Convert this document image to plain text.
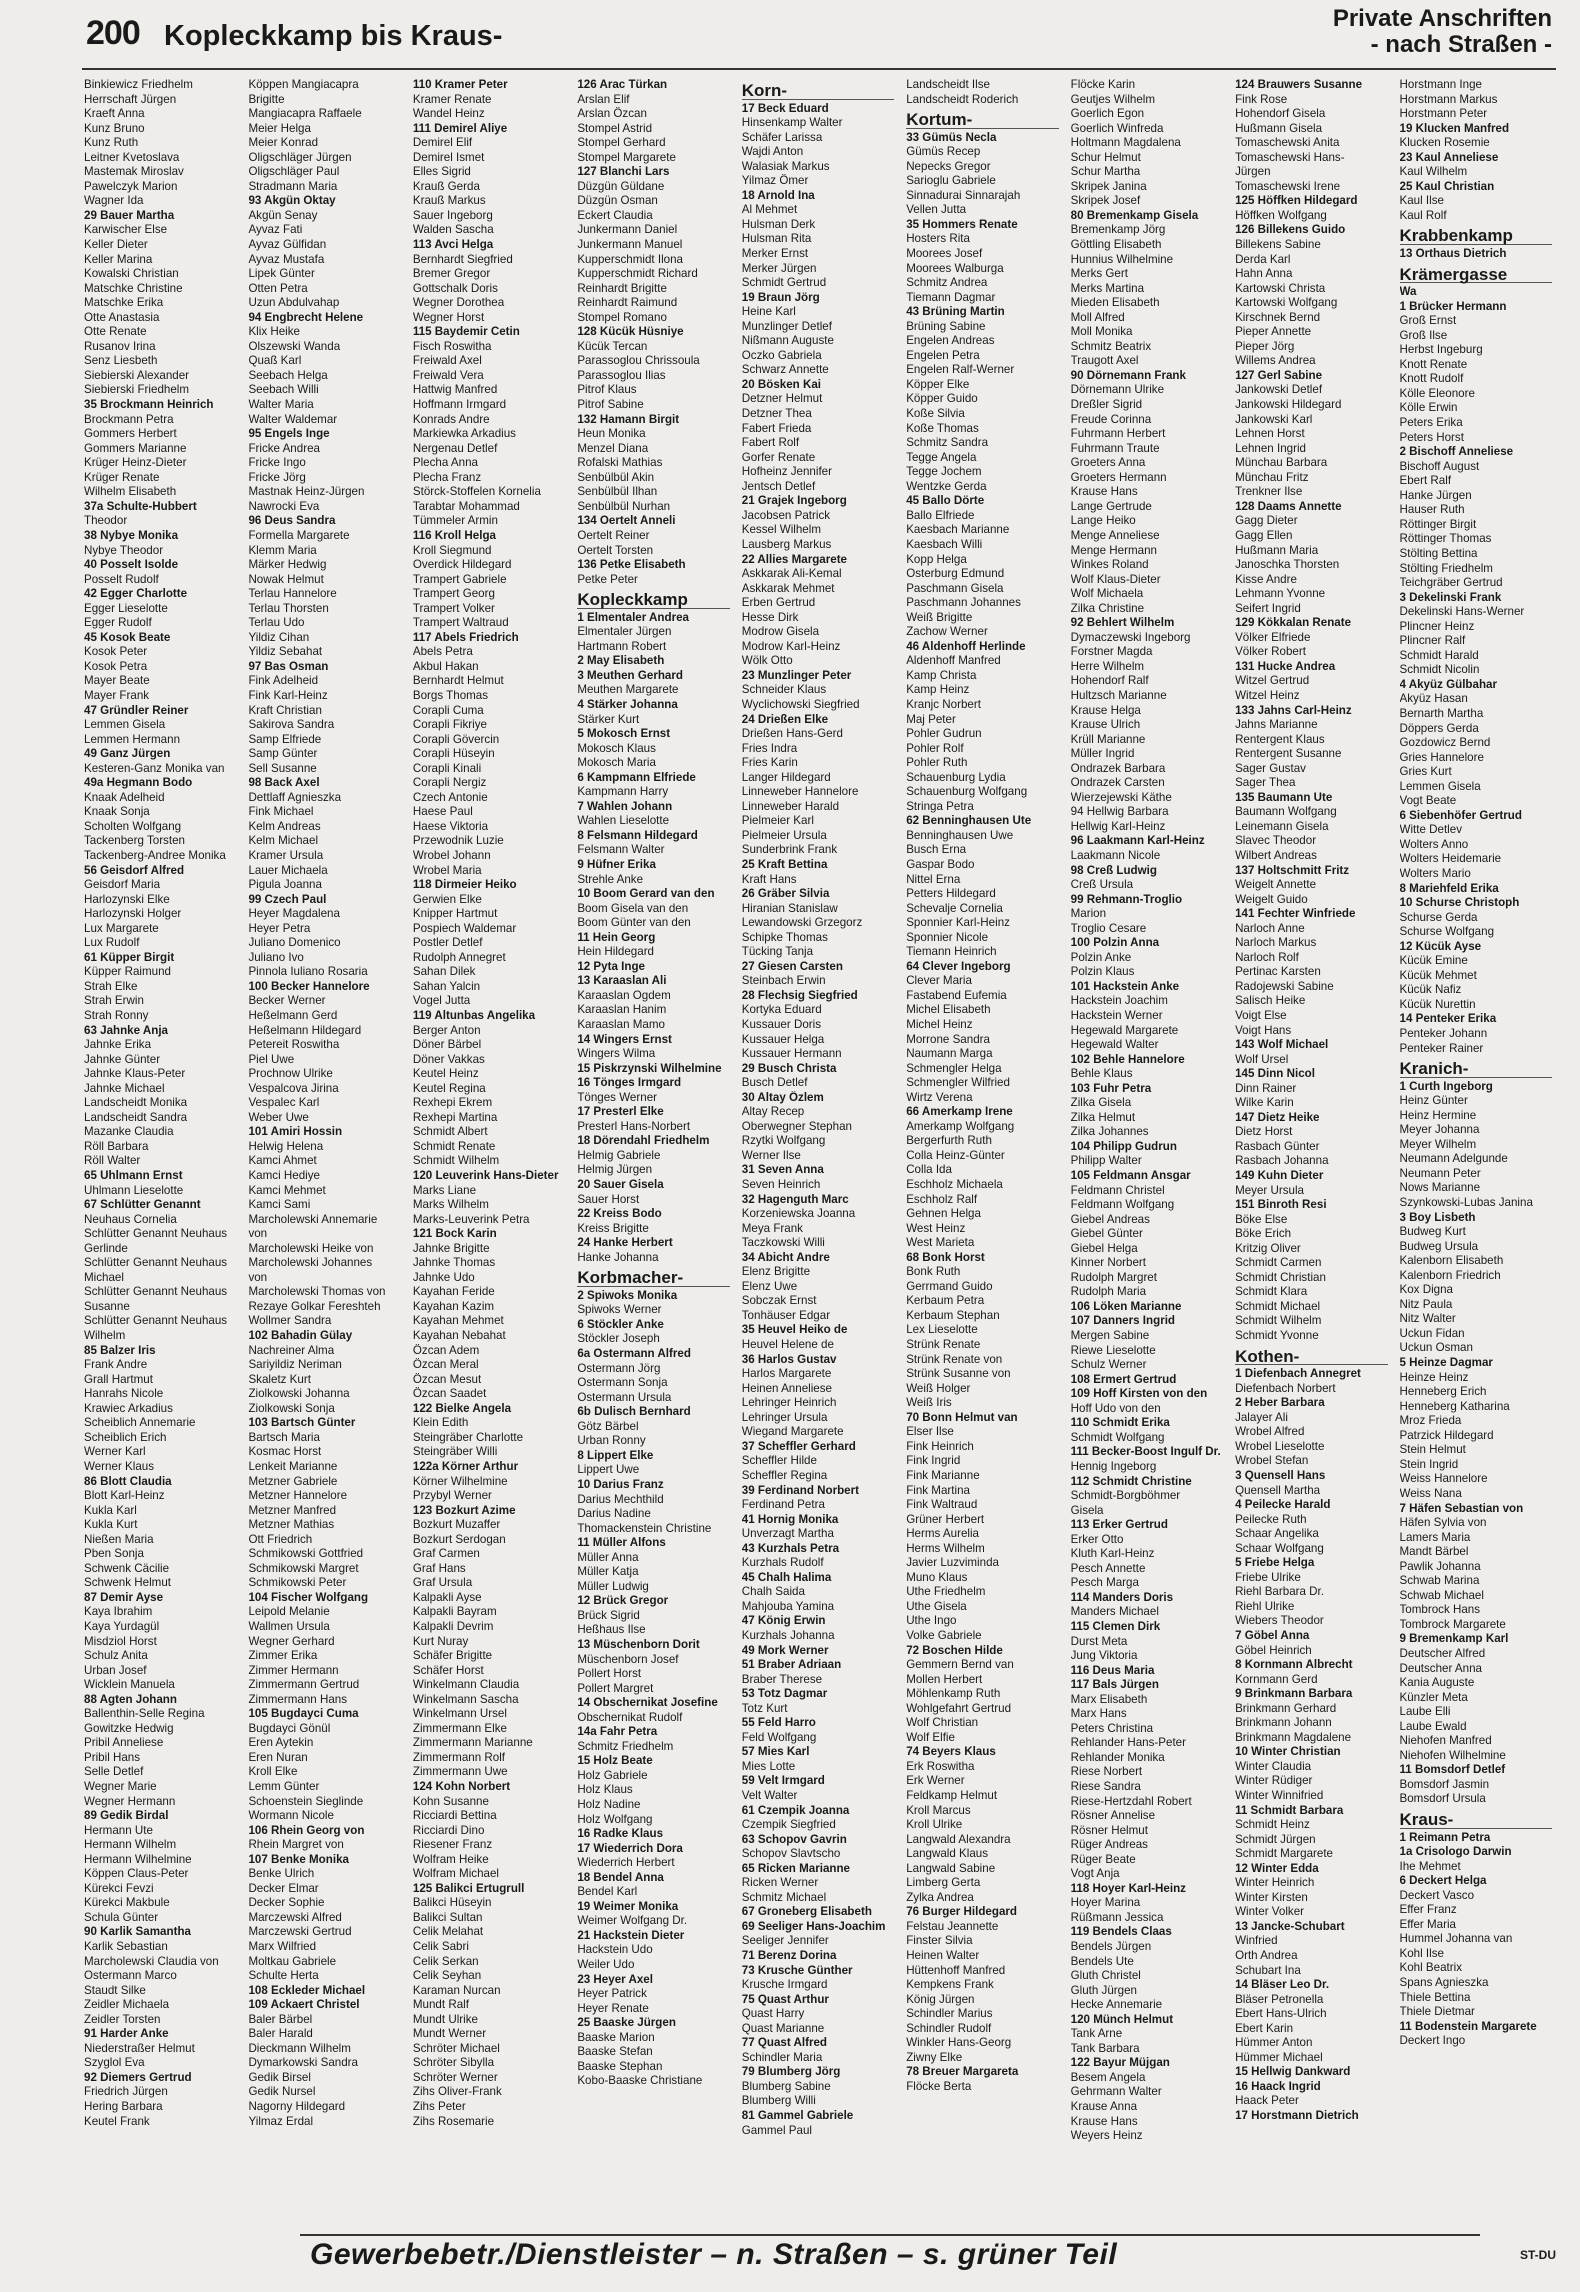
200 Kopleckkamp bis Kraus-
Private Anschriften
- nach Straßen -
Binkiewicz Friedhelm
Herrschaft Jürgen
Kraeft Anna
Kunz Bruno
Kunz Ruth
Leitner Kvetoslava
Mastemak Miroslav
Pawelczyk Marion
Wagner Ida
29 Bauer Martha
Karwischer Else
Keller Dieter
Keller Marina
Kowalski Christian
Matschke Christine
Matschke Erika
Otte Anastasia
Otte Renate
Rusanov Irina
Senz Liesbeth
Siebierski Alexander
Siebierski Friedhelm
35 Brockmann Heinrich
Brockmann Petra
Gommers Herbert
Gommers Marianne
Krüger Heinz-Dieter
Krüger Renate
Wilhelm Elisabeth
37a Schulte-Hubbert
Theodor
38 Nybye Monika
Nybye Theodor
40 Posselt Isolde
Posselt Rudolf
42 Egger Charlotte
Egger Lieselotte
Egger Rudolf
45 Kosok Beate
Kosok Peter
Kosok Petra
Mayer Beate
Mayer Frank
47 Gründler Reiner
Lemmen Gisela
Lemmen Hermann
49 Ganz Jürgen
Kesteren-Ganz Monika van
49a Hegmann Bodo
Knaak Adelheid
Knaak Sonja
Scholten Wolfgang
Tackenberg Torsten
Tackenberg-Andree Monika
56 Geisdorf Alfred
Geisdorf Maria
Harlozynski Elke
Harlozynski Holger
Lux Margarete
Lux Rudolf
61 Küpper Birgit
Küpper Raimund
Strah Elke
Strah Erwin
Strah Ronny
63 Jahnke Anja
Jahnke Erika
Jahnke Günter
Jahnke Klaus-Peter
Jahnke Michael
Landscheidt Monika
Landscheidt Sandra
Mazanke Claudia
Röll Barbara
Röll Walter
65 Uhlmann Ernst
Uhlmann Lieselotte
67 Schlütter Genannt
Neuhaus Cornelia
Schlütter Genannt Neuhaus
Gerlinde
Schlütter Genannt Neuhaus
Michael
Schlütter Genannt Neuhaus
Susanne
Schlütter Genannt Neuhaus
Wilhelm
85 Balzer Iris
Frank Andre
Grall Hartmut
Hanrahs Nicole
Krawiec Arkadius
Scheiblich Annemarie
Scheiblich Erich
Werner Karl
Werner Klaus
86 Blott Claudia
Blott Karl-Heinz
Kukla Karl
Kukla Kurt
Nießen Maria
Pben Sonja
Schwenk Cäcilie
Schwenk Helmut
87 Demir Ayse
Kaya Ibrahim
Kaya Yurdagül
Misdziol Horst
Schulz Anita
Urban Josef
Wicklein Manuela
88 Agten Johann
Ballenthin-Selle Regina
Gowitzke Hedwig
Pribil Anneliese
Pribil Hans
Selle Detlef
Wegner Marie
Wegner Hermann
89 Gedik Birdal
Hermann Ute
Hermann Wilhelm
Hermann Wilhelmine
Köppen Claus-Peter
Kürekci Fevzi
Kürekci Makbule
Schula Günter
90 Karlik Samantha
Karlik Sebastian
Marcholewski Claudia von
Ostermann Marco
Staudt Silke
Zeidler Michaela
Zeidler Torsten
91 Harder Anke
Niederstraßer Helmut
Szyglol Eva
92 Diemers Gertrud
Friedrich Jürgen
Hering Barbara
Keutel Frank
Köppen Mangiacapra
Brigitte
Mangiacapra Raffaele
Meier Helga
Meier Konrad
Oligschläger Jürgen
Oligschläger Paul
Stradmann Maria
93 Akgün Oktay
Akgün Senay
Ayvaz Fati
Ayvaz Gülfidan
Ayvaz Mustafa
Lipek Günter
Otten Petra
Uzun Abdulvahap
94 Engbrecht Helene
Klix Heike
Olszewski Wanda
Quaß Karl
Seebach Helga
Seebach Willi
Walter Maria
Walter Waldemar
95 Engels Inge
Fricke Andrea
Fricke Ingo
Fricke Jörg
Mastnak Heinz-Jürgen
Nawrocki Eva
96 Deus Sandra
Formella Margarete
Klemm Maria
Märker Hedwig
Nowak Helmut
Terlau Hannelore
Terlau Thorsten
Terlau Udo
Yildiz Cihan
Yildiz Sebahat
97 Bas Osman
Fink Adelheid
Fink Karl-Heinz
Kraft Christian
Sakirova Sandra
Samp Elfriede
Samp Günter
Sell Susanne
98 Back Axel
Dettlaff Agnieszka
Fink Michael
Kelm Andreas
Kelm Michael
Kramer Ursula
Lauer Michaela
Pigula Joanna
99 Czech Paul
Heyer Magdalena
Heyer Petra
Juliano Domenico
Juliano Ivo
Pinnola Iuliano Rosaria
100 Becker Hannelore
Becker Werner
Heßelmann Gerd
Heßelmann Hildegard
Petereit Roswitha
Piel Uwe
Prochnow Ulrike
Vespalcova Jirina
Vespalec Karl
Weber Uwe
101 Amiri Hossin
Helwig Helena
Kamci Ahmet
Kamci Hediye
Kamci Mehmet
Kamci Sami
Marcholewski Annemarie
von
Marcholewski Heike von
Marcholewski Johannes
von
Marcholewski Thomas von
Rezaye Golkar Fereshteh
Wollmer Sandra
102 Bahadin Gülay
Nachreiner Alma
Sariyildiz Neriman
Skaletz Kurt
Ziolkowski Johanna
Ziolkowski Sonja
103 Bartsch Günter
Bartsch Maria
Kosmac Horst
Lenkeit Marianne
Metzner Gabriele
Metzner Hannelore
Metzner Manfred
Metzner Mathias
Ott Friedrich
Schmikowski Gottfried
Schmikowski Margret
Schmikowski Peter
104 Fischer Wolfgang
Leipold Melanie
Wallmen Ursula
Wegner Gerhard
Zimmer Erika
Zimmer Hermann
Zimmermann Gertrud
Zimmermann Hans
105 Bugdayci Cuma
Bugdayci Gönül
Eren Aytekin
Eren Nuran
Kroll Elke
Lemm Günter
Schoenstein Sieglinde
Wormann Nicole
106 Rhein Georg von
Rhein Margret von
107 Benke Monika
Benke Ulrich
Decker Elmar
Decker Sophie
Marczewski Alfred
Marczewski Gertrud
Marx Wilfried
Moltkau Gabriele
Schulte Herta
108 Eckleder Michael
109 Ackaert Christel
Baler Bärbel
Baler Harald
Dieckmann Wilhelm
Dymarkowski Sandra
Gedik Birsel
Gedik Nursel
Nagorny Hildegard
Yilmaz Erdal
110 Kramer Peter
Kramer Renate
Wandel Heinz
111 Demirel Aliye
Demirel Elif
Demirel Ismet
Elles Sigrid
Krauß Gerda
Krauß Markus
Sauer Ingeborg
Walden Sascha
113 Avci Helga
Bernhardt Siegfried
Bremer Gregor
Gottschalk Doris
Wegner Dorothea
Wegner Horst
115 Baydemir Cetin
Fisch Roswitha
Freiwald Axel
Freiwald Vera
Hattwig Manfred
Hoffmann Irmgard
Konrads Andre
Markiewka Arkadius
Nergenau Detlef
Plecha Anna
Plecha Franz
Störck-Stoffelen Kornelia
Tarabtar Mohammad
Tümmeler Armin
116 Kroll Helga
Kroll Siegmund
Overdick Hildegard
Trampert Gabriele
Trampert Georg
Trampert Volker
Trampert Waltraud
117 Abels Friedrich
Abels Petra
Akbul Hakan
Bernhardt Helmut
Borgs Thomas
Corapli Cuma
Corapli Fikriye
Corapli Gövercin
Corapli Hüseyin
Corapli Kinali
Corapli Nergiz
Czech Antonie
Haese Paul
Haese Viktoria
Przewodnik Luzie
Wrobel Johann
Wrobel Maria
118 Dirmeier Heiko
Gerwien Elke
Knipper Hartmut
Pospiech Waldemar
Postler Detlef
Rudolph Annegret
Sahan Dilek
Sahan Yalcin
Vogel Jutta
119 Altunbas Angelika
Berger Anton
Döner Bärbel
Döner Vakkas
Keutel Heinz
Keutel Regina
Rexhepi Ekrem
Rexhepi Martina
Schmidt Albert
Schmidt Renate
Schmidt Wilhelm
120 Leuverink Hans-Dieter
Marks Liane
Marks Wilhelm
Marks-Leuverink Petra
121 Bock Karin
Jahnke Brigitte
Jahnke Thomas
Jahnke Udo
Kayahan Feride
Kayahan Kazim
Kayahan Mehmet
Kayahan Nebahat
Özcan Adem
Özcan Meral
Özcan Mesut
Özcan Saadet
122 Bielke Angela
Klein Edith
Steingräber Charlotte
Steingräber Willi
122a Körner Arthur
Körner Wilhelmine
Przybyl Werner
123 Bozkurt Azime
Bozkurt Muzaffer
Bozkurt Serdogan
Graf Carmen
Graf Hans
Graf Ursula
Kalpakli Ayse
Kalpakli Bayram
Kalpakli Devrim
Kurt Nuray
Schäfer Brigitte
Schäfer Horst
Winkelmann Claudia
Winkelmann Sascha
Winkelmann Ursel
Zimmermann Elke
Zimmermann Marianne
Zimmermann Rolf
Zimmermann Uwe
124 Kohn Norbert
Kohn Susanne
Ricciardi Bettina
Ricciardi Dino
Riesener Franz
Wolfram Heike
Wolfram Michael
125 Balikci Ertugrull
Balikci Hüseyin
Balikci Sultan
Celik Melahat
Celik Sabri
Celik Serkan
Celik Seyhan
Karaman Nurcan
Mundt Ralf
Mundt Ulrike
Mundt Werner
Schröter Michael
Schröter Sibylla
Schröter Werner
Zihs Oliver-Frank
Zihs Peter
Zihs Rosemarie
126 Arac Türkan
Arslan Elif
Arslan Özcan
Stompel Astrid
Stompel Gerhard
Stompel Margarete
127 Blanchi Lars
Düzgün Güldane
Düzgün Osman
Eckert Claudia
Junkermann Daniel
Junkermann Manuel
Kupperschmidt Ilona
Kupperschmidt Richard
Reinhardt Brigitte
Reinhardt Raimund
Stompel Romano
128 Kücük Hüsniye
Kücük Tercan
Parassoglou Chrissoula
Parassoglou Ilias
Pitrof Klaus
Pitrof Sabine
132 Hamann Birgit
Heun Monika
Menzel Diana
Rofalski Mathias
Senbülbül Akin
Senbülbül Ilhan
Senbülbül Nurhan
134 Oertelt Anneli
Oertelt Reiner
Oertelt Torsten
136 Petke Elisabeth
Petke Peter
Kopleckkamp
1 Elmentaler Andrea
Elmentaler Jürgen
Hartmann Robert
2 May Elisabeth
3 Meuthen Gerhard
Meuthen Margarete
4 Stärker Johanna
Stärker Kurt
5 Mokosch Ernst
Mokosch Klaus
Mokosch Maria
6 Kampmann Elfriede
Kampmann Harry
7 Wahlen Johann
Wahlen Lieselotte
8 Felsmann Hildegard
Felsmann Walter
9 Hüfner Erika
Strehle Anke
10 Boom Gerard van den
Boom Gisela van den
Boom Günter van den
11 Hein Georg
Hein Hildegard
12 Pyta Inge
13 Karaaslan Ali
Karaaslan Ogdem
Karaaslan Hanim
Karaaslan Mamo
14 Wingers Ernst
Wingers Wilma
15 Piskrzynski Wilhelmine
16 Tönges Irmgard
Tönges Werner
17 Presterl Elke
Presterl Hans-Norbert
18 Dörendahl Friedhelm
Helmig Gabriele
Helmig Jürgen
20 Sauer Gisela
Sauer Horst
22 Kreiss Bodo
Kreiss Brigitte
24 Hanke Herbert
Hanke Johanna
Korbmacher-
2 Spiwoks Monika
Spiwoks Werner
6 Stöckler Anke
Stöckler Joseph
6a Ostermann Alfred
Ostermann Jörg
Ostermann Sonja
Ostermann Ursula
6b Dulisch Bernhard
Götz Bärbel
Urban Ronny
8 Lippert Elke
Lippert Uwe
10 Darius Franz
Darius Mechthild
Darius Nadine
Thomackenstein Christine
11 Müller Alfons
Müller Anna
Müller Katja
Müller Ludwig
12 Brück Gregor
Brück Sigrid
Heßhaus Ilse
13 Müschenborn Dorit
Müschenborn Josef
Pollert Horst
Pollert Margret
14 Obschernikat Josefine
Obschernikat Rudolf
14a Fahr Petra
Schmitz Friedhelm
15 Holz Beate
Holz Gabriele
Holz Klaus
Holz Nadine
Holz Wolfgang
16 Radke Klaus
17 Wiederrich Dora
Wiederrich Herbert
18 Bendel Anna
Bendel Karl
19 Weimer Monika
Weimer Wolfgang Dr.
21 Hackstein Dieter
Hackstein Udo
Weiler Udo
23 Heyer Axel
Heyer Patrick
Heyer Renate
25 Baaske Jürgen
Baaske Marion
Baaske Stefan
Baaske Stephan
Kobo-Baaske Christiane
Korn-
17 Beck Eduard
Hinsenkamp Walter
Schäfer Larissa
Wajdi Anton
Walasiak Markus
Yilmaz Ömer
18 Arnold Ina
Al Mehmet
Hulsman Derk
Hulsman Rita
Merker Ernst
Merker Jürgen
Schmidt Gertrud
19 Braun Jörg
Heine Karl
Munzlinger Detlef
Nißmann Auguste
Oczko Gabriela
Schwarz Annette
20 Bösken Kai
Detzner Helmut
Detzner Thea
Fabert Frieda
Fabert Rolf
Gorfer Renate
Hofheinz Jennifer
Jentsch Detlef
21 Grajek Ingeborg
Jacobsen Patrick
Kessel Wilhelm
Lausberg Markus
22 Allies Margarete
Askkarak Ali-Kemal
Askkarak Mehmet
Erben Gertrud
Hesse Dirk
Modrow Gisela
Modrow Karl-Heinz
Wölk Otto
23 Munzlinger Peter
Schneider Klaus
Wyclichowski Siegfried
24 Drießen Elke
Drießen Hans-Gerd
Fries Indra
Fries Karin
Langer Hildegard
Linneweber Hannelore
Linneweber Harald
Pielmeier Karl
Pielmeier Ursula
Sunderbrink Frank
25 Kraft Bettina
Kraft Hans
26 Gräber Silvia
Hiranian Stanislaw
Lewandowski Grzegorz
Schipke Thomas
Tücking Tanja
27 Giesen Carsten
Steinbach Erwin
28 Flechsig Siegfried
Kortyka Eduard
Kussauer Doris
Kussauer Helga
Kussauer Hermann
29 Busch Christa
Busch Detlef
30 Altay Özlem
Altay Recep
Oberwegner Stephan
Rzytki Wolfgang
Werner Ilse
31 Seven Anna
Seven Heinrich
32 Hagenguth Marc
Korzeniewska Joanna
Meya Frank
Taczkowski Willi
34 Abicht Andre
Elenz Brigitte
Elenz Uwe
Sobczak Ernst
Tonhäuser Edgar
35 Heuvel Heiko de
Heuvel Helene de
36 Harlos Gustav
Harlos Margarete
Heinen Anneliese
Lehringer Heinrich
Lehringer Ursula
Wiegand Margarete
37 Scheffler Gerhard
Scheffler Hilde
Scheffler Regina
39 Ferdinand Norbert
Ferdinand Petra
41 Hornig Monika
Unverzagt Martha
43 Kurzhals Petra
Kurzhals Rudolf
45 Chalh Halima
Chalh Saida
Mahjouba Yamina
47 König Erwin
Kurzhals Johanna
49 Mork Werner
51 Braber Adriaan
Braber Therese
53 Totz Dagmar
Totz Kurt
55 Feld Harro
Feld Wolfgang
57 Mies Karl
Mies Lotte
59 Velt Irmgard
Velt Walter
61 Czempik Joanna
Czempik Siegfried
63 Schopov Gavrin
Schopov Slavtscho
65 Ricken Marianne
Ricken Werner
Schmitz Michael
67 Groneberg Elisabeth
69 Seeliger Hans-Joachim
Seeliger Jennifer
71 Berenz Dorina
73 Krusche Günther
Krusche Irmgard
75 Quast Arthur
Quast Harry
Quast Marianne
77 Quast Alfred
Schindler Maria
79 Blumberg Jörg
Blumberg Sabine
Blumberg Willi
81 Gammel Gabriele
Gammel Paul
Landscheidt Ilse
Landscheidt Roderich
Kortum-
33 Gümüs Necla
Gümüs Recep
Nepecks Gregor
Sarioglu Gabriele
Sinnadurai Sinnarajah
Vellen Jutta
35 Hommers Renate
Hosters Rita
Moorees Josef
Moorees Walburga
Schmitz Andrea
Tiemann Dagmar
43 Brüning Martin
Brüning Sabine
Engelen Andreas
Engelen Petra
Engelen Ralf-Werner
Köpper Elke
Köpper Guido
Koße Silvia
Koße Thomas
Schmitz Sandra
Tegge Angela
Tegge Jochem
Wentzke Gerda
45 Ballo Dörte
Ballo Elfriede
Kaesbach Marianne
Kaesbach Willi
Kopp Helga
Osterburg Edmund
Paschmann Gisela
Paschmann Johannes
Weiß Brigitte
Zachow Werner
46 Aldenhoff Herlinde
Aldenhoff Manfred
Kamp Christa
Kamp Heinz
Kranjc Norbert
Maj Peter
Pohler Gudrun
Pohler Rolf
Pohler Ruth
Schauenburg Lydia
Schauenburg Wolfgang
Stringa Petra
62 Benninghausen Ute
Benninghausen Uwe
Busch Erna
Gaspar Bodo
Nittel Erna
Petters Hildegard
Schevalje Cornelia
Sponnier Karl-Heinz
Sponnier Nicole
Tiemann Heinrich
64 Clever Ingeborg
Clever Maria
Fastabend Eufemia
Michel Elisabeth
Michel Heinz
Morrone Sandra
Naumann Marga
Schmengler Helga
Schmengler Wilfried
Wirtz Verena
66 Amerkamp Irene
Amerkamp Wolfgang
Bergerfurth Ruth
Colla Heinz-Günter
Colla Ida
Eschholz Michaela
Eschholz Ralf
Gehnen Helga
West Heinz
West Marieta
68 Bonk Horst
Bonk Ruth
Gerrmand Guido
Kerbaum Petra
Kerbaum Stephan
Lex Lieselotte
Strünk Renate
Strünk Renate von
Strünk Susanne von
Weiß Holger
Weiß Iris
70 Bonn Helmut van
Elser Ilse
Fink Heinrich
Fink Ingrid
Fink Marianne
Fink Martina
Fink Waltraud
Grüner Herbert
Herms Aurelia
Herms Wilhelm
Javier Luzviminda
Muno Klaus
Uthe Friedhelm
Uthe Gisela
Uthe Ingo
Volke Gabriele
72 Boschen Hilde
Gemmern Bernd van
Mollen Herbert
Möhlenkamp Ruth
Wohlgefahrt Gertrud
Wolf Christian
Wolf Elfie
74 Beyers Klaus
Erk Roswitha
Erk Werner
Feldkamp Helmut
Kroll Marcus
Kroll Ulrike
Langwald Alexandra
Langwald Klaus
Langwald Sabine
Limberg Gerta
Zylka Andrea
76 Burger Hildegard
Felstau Jeannette
Finster Silvia
Heinen Walter
Hüttenhoff Manfred
Kempkens Frank
König Jürgen
Schindler Marius
Schindler Rudolf
Winkler Hans-Georg
Ziwny Elke
78 Breuer Margareta
Flöcke Berta
Flöcke Karin
Geutjes Wilhelm
Goerlich Egon
Goerlich Winfreda
Holtmann Magdalena
Schur Helmut
Schur Martha
Skripek Janina
Skripek Josef
80 Bremenkamp Gisela
Bremenkamp Jörg
Göttling Elisabeth
Hunnius Wilhelmine
Merks Gert
Merks Martina
Mieden Elisabeth
Moll Alfred
Moll Monika
Schmitz Beatrix
Traugott Axel
90 Dörnemann Frank
Dörnemann Ulrike
Dreßler Sigrid
Freude Corinna
Fuhrmann Herbert
Fuhrmann Traute
Groeters Anna
Groeters Hermann
Krause Hans
Lange Gertrude
Lange Heiko
Menge Anneliese
Menge Hermann
Winkes Roland
Wolf Klaus-Dieter
Wolf Michaela
Zilka Christine
92 Behlert Wilhelm
Dymaczewski Ingeborg
Forstner Magda
Herre Wilhelm
Hohendorf Ralf
Hultzsch Marianne
Krause Helga
Krause Ulrich
Krüll Marianne
Müller Ingrid
Ondrazek Barbara
Ondrazek Carsten
Wierzejewski Käthe
94 Hellwig Barbara
Hellwig Karl-Heinz
96 Laakmann Karl-Heinz
Laakmann Nicole
98 Creß Ludwig
Creß Ursula
99 Rehmann-Troglio
Marion
Troglio Cesare
100 Polzin Anna
Polzin Anke
Polzin Klaus
101 Hackstein Anke
Hackstein Joachim
Hackstein Werner
Hegewald Margarete
Hegewald Walter
102 Behle Hannelore
Behle Klaus
103 Fuhr Petra
Zilka Gisela
Zilka Helmut
Zilka Johannes
104 Philipp Gudrun
Philipp Walter
105 Feldmann Ansgar
Feldmann Christel
Feldmann Wolfgang
Giebel Andreas
Giebel Günter
Giebel Helga
Kinner Norbert
Rudolph Margret
Rudolph Maria
106 Löken Marianne
107 Danners Ingrid
Mergen Sabine
Riewe Lieselotte
Schulz Werner
108 Ermert Gertrud
109 Hoff Kirsten von den
Hoff Udo von den
110 Schmidt Erika
Schmidt Wolfgang
111 Becker-Boost Ingulf Dr.
Hennig Ingeborg
112 Schmidt Christine
Schmidt-Borgböhmer
Gisela
113 Erker Gertrud
Erker Otto
Kluth Karl-Heinz
Pesch Annette
Pesch Marga
114 Manders Doris
Manders Michael
115 Clemen Dirk
Durst Meta
Jung Viktoria
116 Deus Maria
117 Bals Jürgen
Marx Elisabeth
Marx Hans
Peters Christina
Rehlander Hans-Peter
Rehlander Monika
Riese Norbert
Riese Sandra
Riese-Hertzdahl Robert
Rösner Annelise
Rösner Helmut
Rüger Andreas
Rüger Beate
Vogt Anja
118 Hoyer Karl-Heinz
Hoyer Marina
Rüßmann Jessica
119 Bendels Claas
Bendels Jürgen
Bendels Ute
Gluth Christel
Gluth Jürgen
Hecke Annemarie
120 Münch Helmut
Tank Arne
Tank Barbara
122 Bayur Müjgan
Besem Angela
Gehrmann Walter
Krause Anna
Krause Hans
Weyers Heinz
124 Brauwers Susanne
Fink Rose
Hohendorf Gisela
Hußmann Gisela
Tomaschewski Anita
Tomaschewski Hans-
Jürgen
Tomaschewski Irene
125 Höffken Hildegard
Höffken Wolfgang
126 Billekens Guido
Billekens Sabine
Derda Karl
Hahn Anna
Kartowski Christa
Kartowski Wolfgang
Kirschnek Bernd
Pieper Annette
Pieper Jörg
Willems Andrea
127 Gerl Sabine
Jankowski Detlef
Jankowski Hildegard
Jankowski Karl
Lehnen Horst
Lehnen Ingrid
Münchau Barbara
Münchau Fritz
Trenkner Ilse
128 Daams Annette
Gagg Dieter
Gagg Ellen
Hußmann Maria
Janoschka Thorsten
Kisse Andre
Lehmann Yvonne
Seifert Ingrid
129 Kökkalan Renate
Völker Elfriede
Völker Robert
131 Hucke Andrea
Witzel Gertrud
Witzel Heinz
133 Jahns Carl-Heinz
Jahns Marianne
Rentergent Klaus
Rentergent Susanne
Sager Gustav
Sager Thea
135 Baumann Ute
Baumann Wolfgang
Leinemann Gisela
Slavec Theodor
Wilbert Andreas
137 Holtschmitt Fritz
Weigelt Annette
Weigelt Guido
141 Fechter Winfriede
Narloch Anne
Narloch Markus
Narloch Rolf
Pertinac Karsten
Radojewski Sabine
Salisch Heike
Voigt Else
Voigt Hans
143 Wolf Michael
Wolf Ursel
145 Dinn Nicol
Dinn Rainer
Wilke Karin
147 Dietz Heike
Dietz Horst
Rasbach Günter
Rasbach Johanna
149 Kuhn Dieter
Meyer Ursula
151 Binroth Resi
Böke Else
Böke Erich
Kritzig Oliver
Schmidt Carmen
Schmidt Christian
Schmidt Klara
Schmidt Michael
Schmidt Wilhelm
Schmidt Yvonne
Kothen-
1 Diefenbach Annegret
Diefenbach Norbert
2 Heber Barbara
Jalayer Ali
Wrobel Alfred
Wrobel Lieselotte
Wrobel Stefan
3 Quensell Hans
Quensell Martha
4 Peilecke Harald
Peilecke Ruth
Schaar Angelika
Schaar Wolfgang
5 Friebe Helga
Friebe Ulrike
Riehl Barbara Dr.
Riehl Ulrike
Wiebers Theodor
7 Göbel Anna
Göbel Heinrich
8 Kornmann Albrecht
Kornmann Gerd
9 Brinkmann Barbara
Brinkmann Gerhard
Brinkmann Johann
Brinkmann Magdalene
10 Winter Christian
Winter Claudia
Winter Rüdiger
Winter Winnifried
11 Schmidt Barbara
Schmidt Heinz
Schmidt Jürgen
Schmidt Margarete
12 Winter Edda
Winter Heinrich
Winter Kirsten
Winter Volker
13 Jancke-Schubart
Winfried
Orth Andrea
Schubart Ina
14 Bläser Leo Dr.
Bläser Petronella
Ebert Hans-Ulrich
Ebert Karin
Hümmer Anton
Hümmer Michael
15 Hellwig Dankward
16 Haack Ingrid
Haack Peter
17 Horstmann Dietrich
Horstmann Inge
Horstmann Markus
Horstmann Peter
19 Klucken Manfred
Klucken Rosemie
23 Kaul Anneliese
Kaul Wilhelm
25 Kaul Christian
Kaul Ilse
Kaul Rolf
Krabbenkamp
13 Orthaus Dietrich
Krämergasse
Wa
1 Brücker Hermann
Groß Ernst
Groß Ilse
Herbst Ingeburg
Knott Renate
Knott Rudolf
Kölle Eleonore
Kölle Erwin
Peters Erika
Peters Horst
2 Bischoff Anneliese
Bischoff August
Ebert Ralf
Hanke Jürgen
Hauser Ruth
Röttinger Birgit
Röttinger Thomas
Stölting Bettina
Stölting Friedhelm
Teichgräber Gertrud
3 Dekelinski Frank
Dekelinski Hans-Werner
Plincner Heinz
Plincner Ralf
Schmidt Harald
Schmidt Nicolin
4 Akyüz Gülbahar
Akyüz Hasan
Bernarth Martha
Döppers Gerda
Gozdowicz Bernd
Gries Hannelore
Gries Kurt
Lemmen Gisela
Vogt Beate
6 Siebenhöfer Gertrud
Witte Detlev
Wolters Anno
Wolters Heidemarie
Wolters Mario
8 Mariehfeld Erika
10 Schurse Christoph
Schurse Gerda
Schurse Wolfgang
12 Kücük Ayse
Kücük Emine
Kücük Mehmet
Kücük Nafiz
Kücük Nurettin
14 Penteker Erika
Penteker Johann
Penteker Rainer
Kranich-
1 Curth Ingeborg
Heinz Günter
Heinz Hermine
Meyer Johanna
Meyer Wilhelm
Neumann Adelgunde
Neumann Peter
Nows Marianne
Szynkowski-Lubas Janina
3 Boy Lisbeth
Budweg Kurt
Budweg Ursula
Kalenborn Elisabeth
Kalenborn Friedrich
Kox Digna
Nitz Paula
Nitz Walter
Uckun Fidan
Uckun Osman
5 Heinze Dagmar
Heinze Heinz
Henneberg Erich
Henneberg Katharina
Mroz Frieda
Patrzick Hildegard
Stein Helmut
Stein Ingrid
Weiss Hannelore
Weiss Nana
7 Häfen Sebastian von
Häfen Sylvia von
Lamers Maria
Mandt Bärbel
Pawlik Johanna
Schwab Marina
Schwab Michael
Tombrock Hans
Tombrock Margarete
9 Bremenkamp Karl
Deutscher Alfred
Deutscher Anna
Kania Auguste
Künzler Meta
Laube Elli
Laube Ewald
Niehofen Manfred
Niehofen Wilhelmine
11 Bomsdorf Detlef
Bomsdorf Jasmin
Bomsdorf Ursula
Kraus-
1 Reimann Petra
1a Crisologo Darwin
Ihe Mehmet
6 Deckert Helga
Deckert Vasco
Effer Franz
Effer Maria
Hummel Johanna van
Kohl Ilse
Kohl Beatrix
Spans Agnieszka
Thiele Bettina
Thiele Dietmar
11 Bodenstein Margarete
Deckert Ingo
Gewerbebetr./Dienstleister – n. Straßen – s. grüner Teil	ST-DU
